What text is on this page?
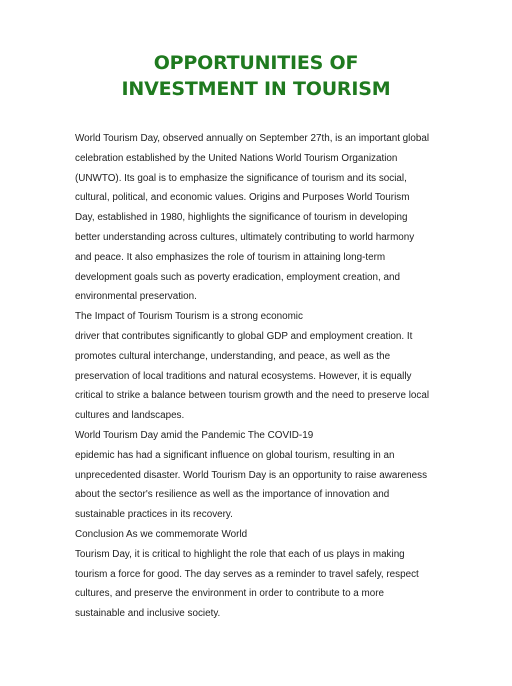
OPPORTUNITIES OF
INVESTMENT IN TOURISM
World Tourism Day, observed annually on September 27th, is an important global
celebration established by the United Nations World Tourism Organization
(UNWTO). Its goal is to emphasize the significance of tourism and its social,
cultural, political, and economic values. Origins and Purposes World Tourism
Day, established in 1980, highlights the significance of tourism in developing
better understanding across cultures, ultimately contributing to world harmony
and peace. It also emphasizes the role of tourism in attaining long-term
development goals such as poverty eradication, employment creation, and
environmental preservation.
The Impact of Tourism Tourism is a strong economic
driver that contributes significantly to global GDP and employment creation. It
promotes cultural interchange, understanding, and peace, as well as the
preservation of local traditions and natural ecosystems. However, it is equally
critical to strike a balance between tourism growth and the need to preserve local
cultures and landscapes.
World Tourism Day amid the Pandemic The COVID-19
epidemic has had a significant influence on global tourism, resulting in an
unprecedented disaster. World Tourism Day is an opportunity to raise awareness
about the sector's resilience as well as the importance of innovation and
sustainable practices in its recovery.
Conclusion As we commemorate World
Tourism Day, it is critical to highlight the role that each of us plays in making
tourism a force for good. The day serves as a reminder to travel safely, respect
cultures, and preserve the environment in order to contribute to a more
sustainable and inclusive society.
